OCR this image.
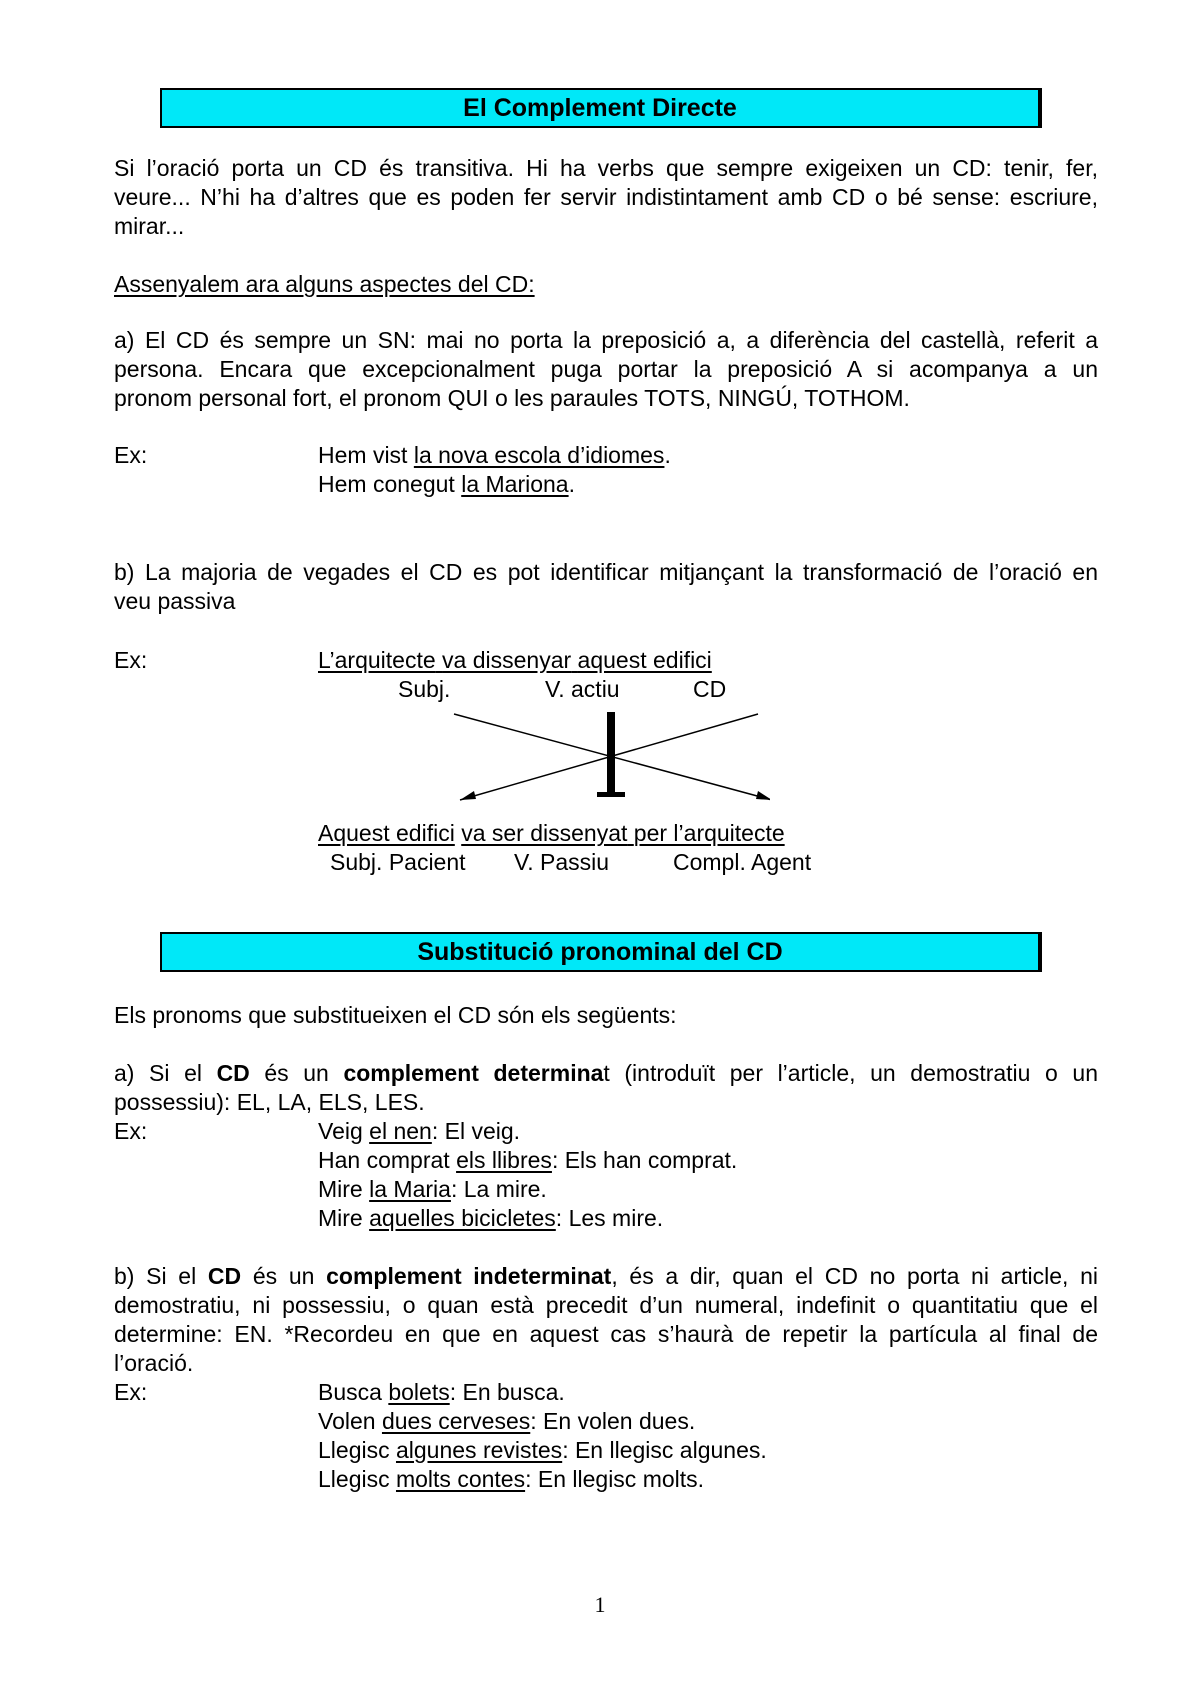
El Complement Directe
Si l’oració porta un CD és transitiva. Hi ha verbs que sempre exigeixen un CD: tenir, fer,
veure... N’hi ha d’altres que es poden fer servir indistintament amb CD o bé sense: escriure,
mirar...
Assenyalem ara alguns aspectes del CD:
a) El CD és sempre un SN: mai no porta la preposició a, a diferència del castellà, referit a
persona. Encara que excepcionalment puga portar la preposició A si acompanya a un
pronom personal fort, el pronom QUI o les paraules TOTS, NINGÚ, TOTHOM.
Ex:	Hem vist la nova escola d’idiomes.
Hem conegut la Mariona.
b) La majoria de vegades el CD es pot identificar mitjançant la transformació de l’oració en
veu passiva
Ex:	L’arquitecte va dissenyar aquest edifici
Subj.	V. actiu	CD
Aquest edifici va ser dissenyat per l’arquitecte
Subj. Pacient V. Passiu	Compl. Agent
Substitució pronominal del CD
Els pronoms que substitueixen el CD són els següents:
a) Si el CD és un complement determinat (introduït per l’article, un demostratiu o un
possessiu): EL, LA, ELS, LES.
Ex:	Veig el nen: El veig.
Han comprat els llibres: Els han comprat.
Mire la Maria: La mire.
Mire aquelles bicicletes: Les mire.
b) Si el CD és un complement indeterminat, és a dir, quan el CD no porta ni article, ni
demostratiu, ni possessiu, o quan està precedit d’un numeral, indefinit o quantitatiu que el
determine: EN. *Recordeu en que en aquest cas s’haurà de repetir la partícula al final de
l’oració.
Ex:	Busca bolets: En busca.
Volen dues cerveses: En volen dues.
Llegisc algunes revistes: En llegisc algunes.
Llegisc molts contes: En llegisc molts.
1
